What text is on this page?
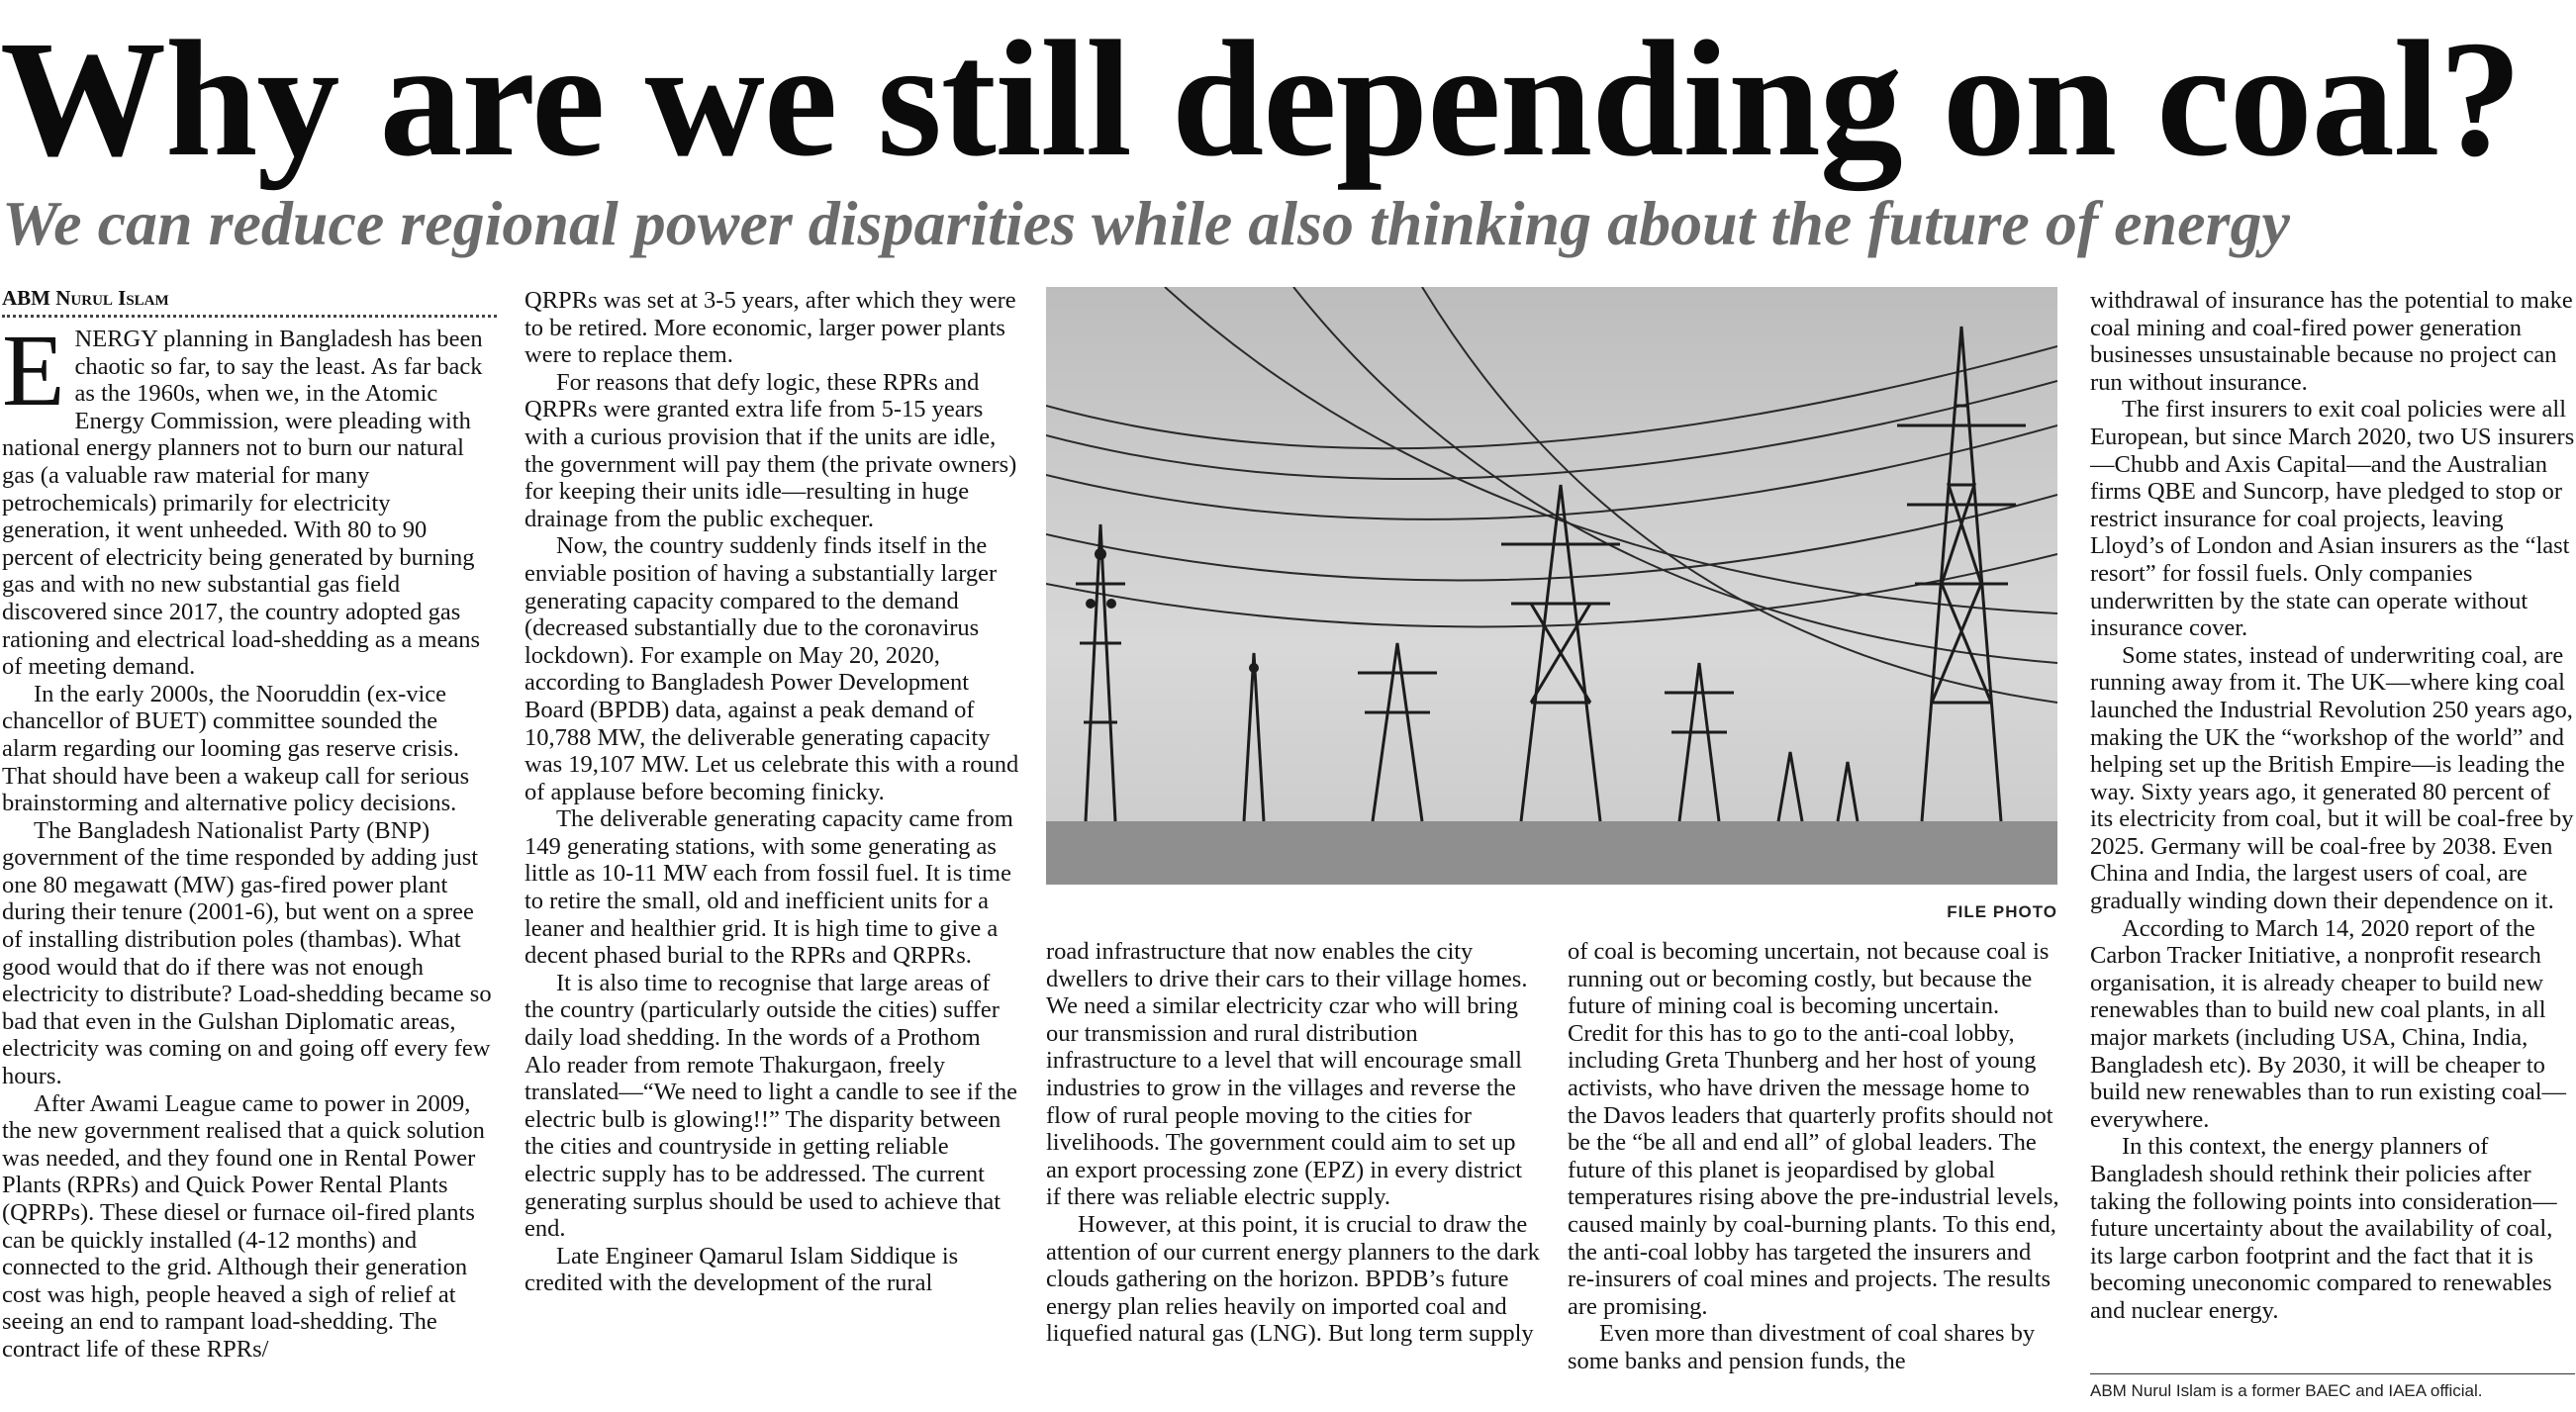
Why are we still depending on coal?
We can reduce regional power disparities while also thinking about the future of energy
ABM Nurul Islam

ENERGY planning in Bangladesh has been chaotic so far, to say the least. As far back as the 1960s, when we, in the Atomic Energy Commission, were pleading with national energy planners not to burn our natural gas (a valuable raw material for many petrochemicals) primarily for electricity generation, it went unheeded. With 80 to 90 percent of electricity being generated by burning gas and with no new substantial gas field discovered since 2017, the country adopted gas rationing and electrical load-shedding as a means of meeting demand.

In the early 2000s, the Nooruddin (ex-vice chancellor of BUET) committee sounded the alarm regarding our looming gas reserve crisis. That should have been a wakeup call for serious brainstorming and alternative policy decisions.

The Bangladesh Nationalist Party (BNP) government of the time responded by adding just one 80 megawatt (MW) gas-fired power plant during their tenure (2001-6), but went on a spree of installing distribution poles (thambas). What good would that do if there was not enough electricity to distribute? Load-shedding became so bad that even in the Gulshan Diplomatic areas, electricity was coming on and going off every few hours.

After Awami League came to power in 2009, the new government realised that a quick solution was needed, and they found one in Rental Power Plants (RPRs) and Quick Power Rental Plants (QPRPs). These diesel or furnace oil-fired plants can be quickly installed (4-12 months) and connected to the grid. Although their generation cost was high, people heaved a sigh of relief at seeing an end to rampant load-shedding. The contract life of these RPRs/

QRPRs was set at 3-5 years, after which they were to be retired. More economic, larger power plants were to replace them.

For reasons that defy logic, these RPRs and QRPRs were granted extra life from 5-15 years with a curious provision that if the units are idle, the government will pay them (the private owners) for keeping their units idle—resulting in huge drainage from the public exchequer.

Now, the country suddenly finds itself in the enviable position of having a substantially larger generating capacity compared to the demand (decreased substantially due to the coronavirus lockdown). For example on May 20, 2020, according to Bangladesh Power Development Board (BPDB) data, against a peak demand of 10,788 MW, the deliverable generating capacity was 19,107 MW. Let us celebrate this with a round of applause before becoming finicky.

The deliverable generating capacity came from 149 generating stations, with some generating as little as 10-11 MW each from fossil fuel. It is time to retire the small, old and inefficient units for a leaner and healthier grid. It is high time to give a decent phased burial to the RPRs and QRPRs.

It is also time to recognise that large areas of the country (particularly outside the cities) suffer daily load shedding. In the words of a Prothom Alo reader from remote Thakurgaon, freely translated—“We need to light a candle to see if the electric bulb is glowing!!” The disparity between the cities and countryside in getting reliable electric supply has to be addressed. The current generating surplus should be used to achieve that end.

Late Engineer Qamarul Islam Siddique is credited with the development of the rural

FILE PHOTO

road infrastructure that now enables the city dwellers to drive their cars to their village homes. We need a similar electricity czar who will bring our transmission and rural distribution infrastructure to a level that will encourage small industries to grow in the villages and reverse the flow of rural people moving to the cities for livelihoods. The government could aim to set up an export processing zone (EPZ) in every district if there was reliable electric supply.

However, at this point, it is crucial to draw the attention of our current energy planners to the dark clouds gathering on the horizon. BPDB’s future energy plan relies heavily on imported coal and liquefied natural gas (LNG). But long term supply

of coal is becoming uncertain, not because coal is running out or becoming costly, but because the future of mining coal is becoming uncertain. Credit for this has to go to the anti-coal lobby, including Greta Thunberg and her host of young activists, who have driven the message home to the Davos leaders that quarterly profits should not be the “be all and end all” of global leaders. The future of this planet is jeopardised by global temperatures rising above the pre-industrial levels, caused mainly by coal-burning plants. To this end, the anti-coal lobby has targeted the insurers and re-insurers of coal mines and projects. The results are promising.

Even more than divestment of coal shares by some banks and pension funds, the

withdrawal of insurance has the potential to make coal mining and coal-fired power generation businesses unsustainable because no project can run without insurance.

The first insurers to exit coal policies were all European, but since March 2020, two US insurers—Chubb and Axis Capital—and the Australian firms QBE and Suncorp, have pledged to stop or restrict insurance for coal projects, leaving Lloyd’s of London and Asian insurers as the “last resort” for fossil fuels. Only companies underwritten by the state can operate without insurance cover.

Some states, instead of underwriting coal, are running away from it. The UK—where king coal launched the Industrial Revolution 250 years ago, making the UK the “workshop of the world” and helping set up the British Empire—is leading the way. Sixty years ago, it generated 80 percent of its electricity from coal, but it will be coal-free by 2025. Germany will be coal-free by 2038. Even China and India, the largest users of coal, are gradually winding down their dependence on it.

According to March 14, 2020 report of the Carbon Tracker Initiative, a nonprofit research organisation, it is already cheaper to build new renewables than to build new coal plants, in all major markets (including USA, China, India, Bangladesh etc). By 2030, it will be cheaper to build new renewables than to run existing coal—everywhere.

In this context, the energy planners of Bangladesh should rethink their policies after taking the following points into consideration—future uncertainty about the availability of coal, its large carbon footprint and the fact that it is becoming uneconomic compared to renewables and nuclear energy.

ABM Nurul Islam is a former BAEC and IAEA official.
